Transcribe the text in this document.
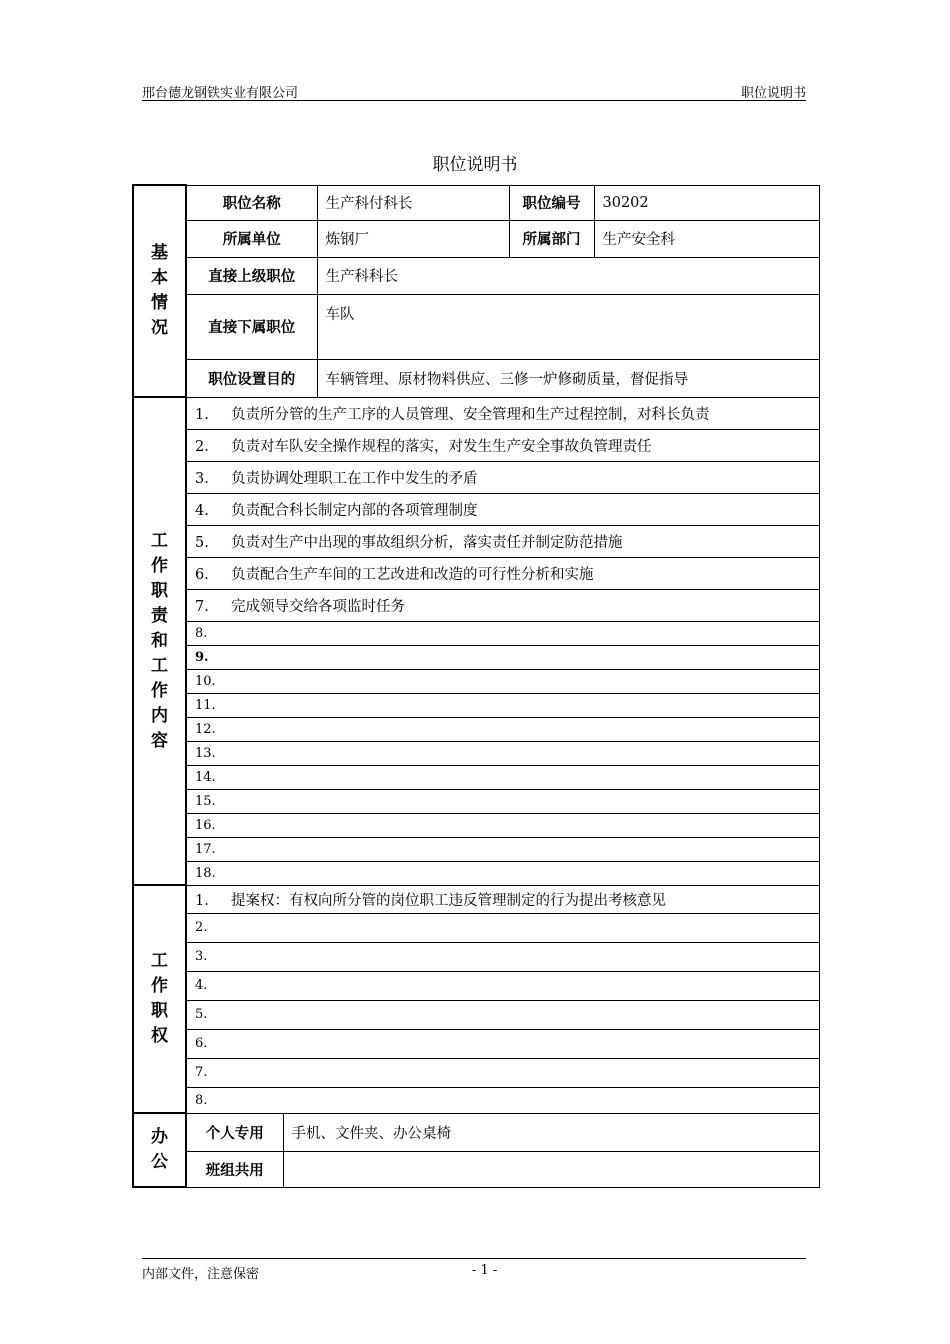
邢台德龙钢铁实业有限公司	职位说明书
职位说明书
基本情况	职位名称		生产科付科长	职位编号	30202
	所属单位		炼钢厂	所属部门	生产安全科
	直接上级职位		生产科科长		
	直接下属职位		车队		
	职位设置目的		车辆管理、原材物料供应、三修一炉修砌质量，督促指导		

工作职责和工作内容	1. 负责所分管的生产工序的人员管理、安全管理和生产过程控制，对科长负责				
	2. 负责对车队安全操作规程的落实，对发生生产安全事故负管理责任				
	3. 负责协调处理职工在工作中发生的矛盾				
	4. 负责配合科长制定内部的各项管理制度				
	5. 负责对生产中出现的事故组织分析，落实责任并制定防范措施				
	6. 负责配合生产车间的工艺改进和改造的可行性分析和实施				
	7. 完成领导交给各项监时任务				
	8.				
	9.				
	10.				
	11.				
	12.				
	13.				
	14.				
	15.				
	16.				
	17.				
	18.				

工作职权	1. 提案权：有权向所分管的岗位职工违反管理制定的行为提出考核意见				
	2.				
	3.				
	4.				
	5.				
	6.				
	7.				
	8.				

办公	个人专用	手机、文件夹、办公桌椅			
	班组共用				
内部文件，注意保密	- 1 -
